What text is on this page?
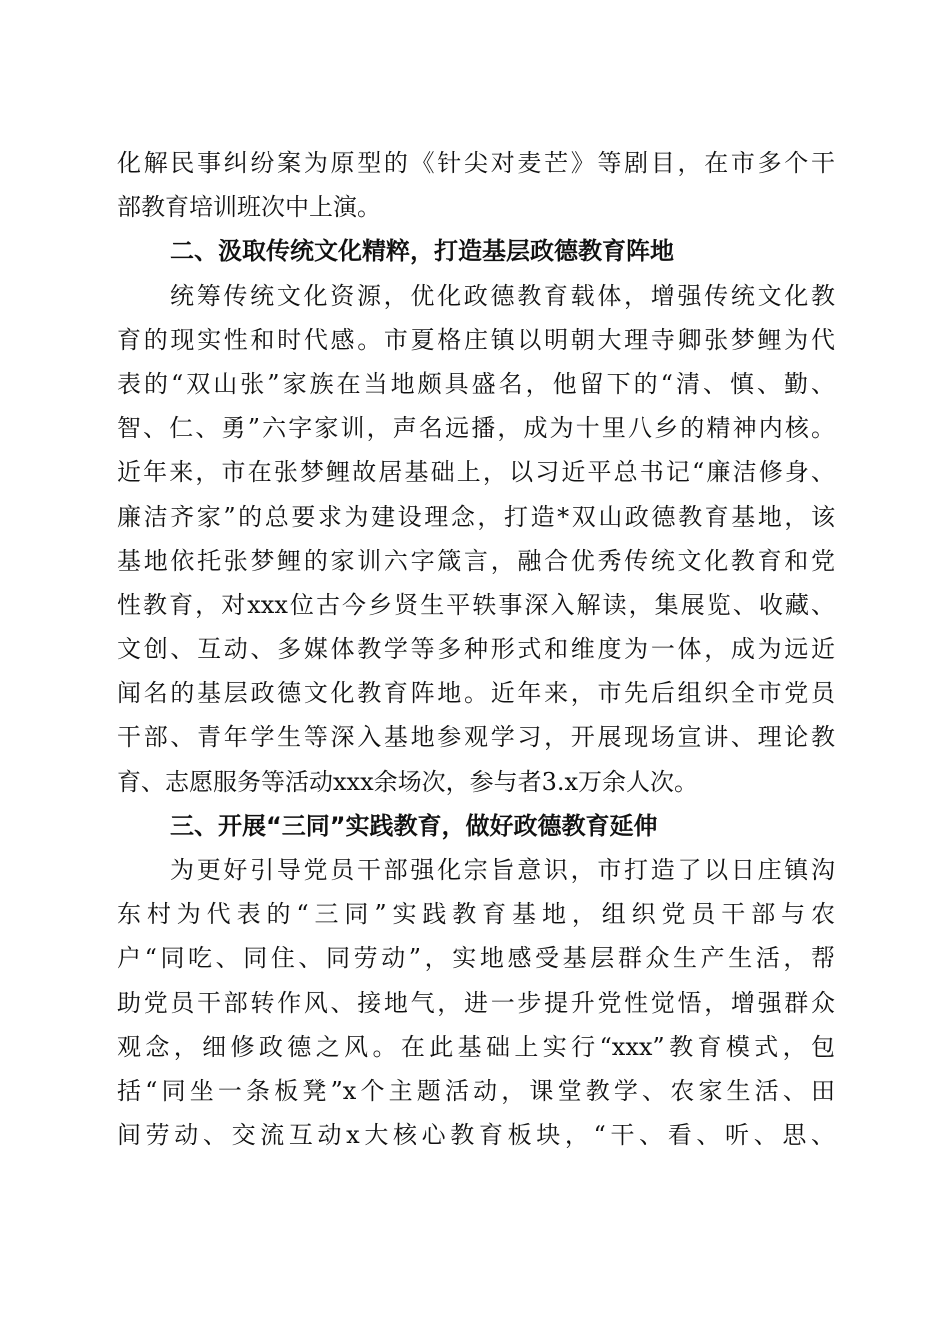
化解民事纠纷案为原型的《针尖对麦芒》等剧目，在市多个干
部教育培训班次中上演。
二、汲取传统文化精粹，打造基层政德教育阵地
统筹传统文化资源，优化政德教育载体，增强传统文化教
育的现实性和时代感。市夏格庄镇以明朝大理寺卿张梦鲤为代
表的“双山张”家族在当地颇具盛名，他留下的“清、慎、勤、
智、仁、勇”六字家训，声名远播，成为十里八乡的精神内核。
近年来，市在张梦鲤故居基础上，以习近平总书记“廉洁修身、
廉洁齐家”的总要求为建设理念，打造*双山政德教育基地，该
基地依托张梦鲤的家训六字箴言，融合优秀传统文化教育和党
性教育，对xxx位古今乡贤生平轶事深入解读，集展览、收藏、
文创、互动、多媒体教学等多种形式和维度为一体，成为远近
闻名的基层政德文化教育阵地。近年来，市先后组织全市党员
干部、青年学生等深入基地参观学习，开展现场宣讲、理论教
育、志愿服务等活动xxx余场次，参与者3.x万余人次。
三、开展“三同”实践教育，做好政德教育延伸
为更好引导党员干部强化宗旨意识，市打造了以日庄镇沟
东村为代表的“三同”实践教育基地，组织党员干部与农
户“同吃、同住、同劳动”，实地感受基层群众生产生活，帮
助党员干部转作风、接地气，进一步提升党性觉悟，增强群众
观念，细修政德之风。在此基础上实行“xxx”教育模式，包
括“同坐一条板凳”x个主题活动，课堂教学、农家生活、田
间劳动、交流互动x大核心教育板块，“干、看、听、思、
